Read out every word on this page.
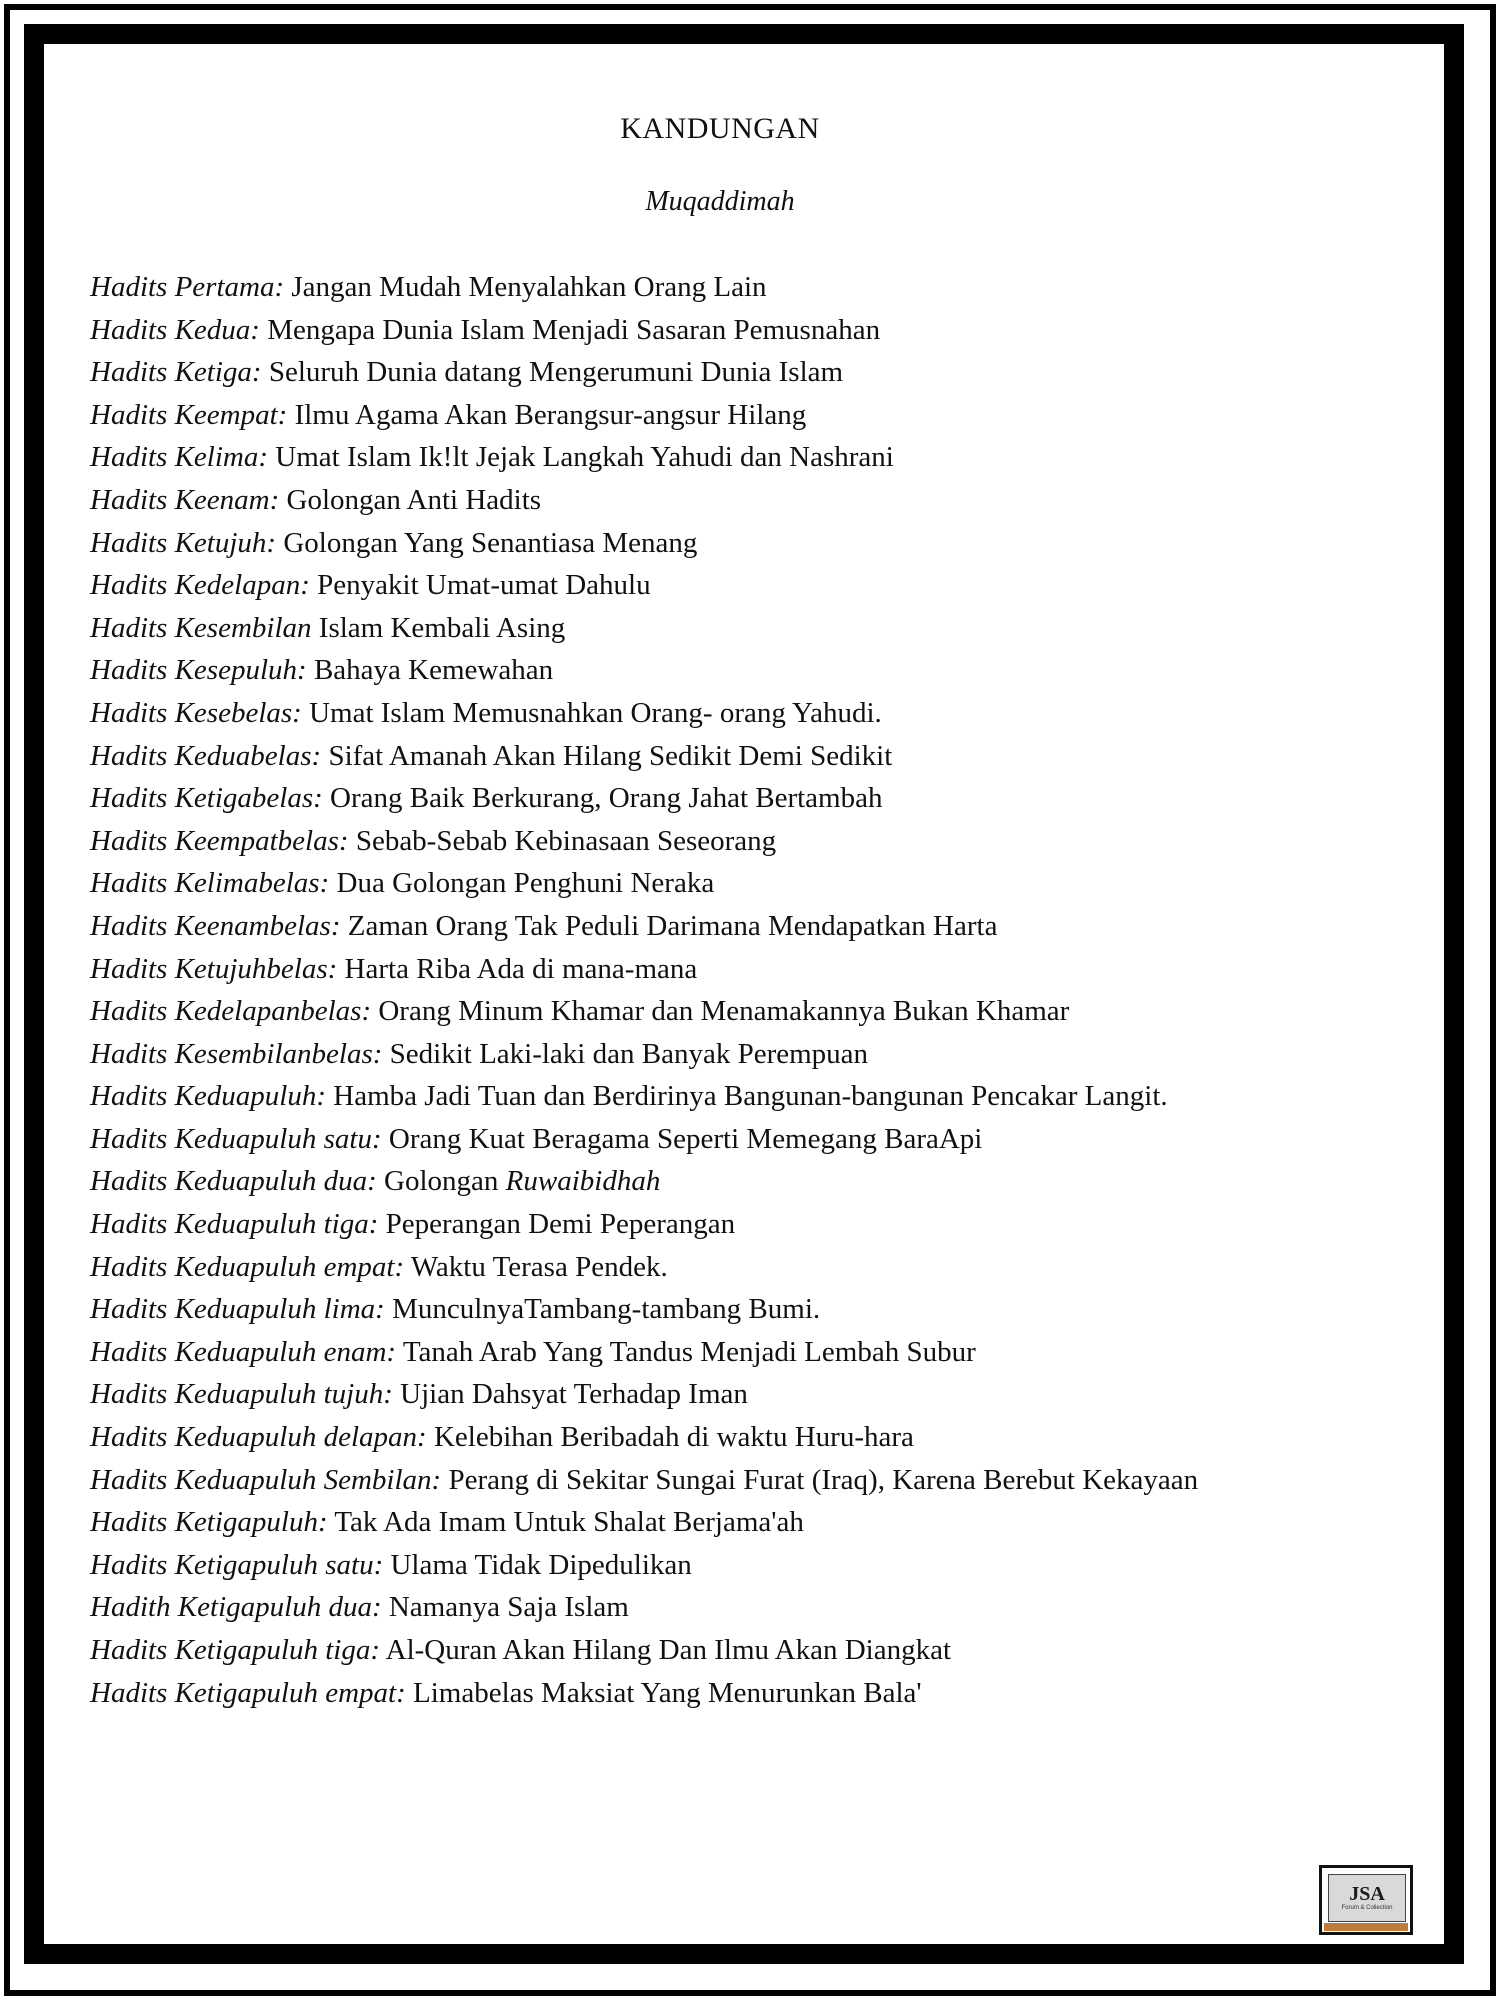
KANDUNGAN
Muqaddimah
Hadits Pertama: Jangan Mudah Menyalahkan Orang Lain
Hadits Kedua: Mengapa Dunia Islam Menjadi Sasaran Pemusnahan
Hadits Ketiga: Seluruh Dunia datang Mengerumuni Dunia Islam
Hadits Keempat: Ilmu Agama Akan Berangsur-angsur Hilang
Hadits Kelima: Umat Islam Ik!lt Jejak Langkah Yahudi dan Nashrani
Hadits Keenam: Golongan Anti Hadits
Hadits Ketujuh: Golongan Yang Senantiasa Menang
Hadits Kedelapan: Penyakit Umat-umat Dahulu
Hadits Kesembilan Islam Kembali Asing
Hadits Kesepuluh: Bahaya Kemewahan
Hadits Kesebelas: Umat Islam Memusnahkan Orang- orang Yahudi.
Hadits Keduabelas: Sifat Amanah Akan Hilang Sedikit Demi Sedikit
Hadits Ketigabelas: Orang Baik Berkurang, Orang Jahat Bertambah
Hadits Keempatbelas: Sebab-Sebab Kebinasaan Seseorang
Hadits Kelimabelas: Dua Golongan Penghuni Neraka
Hadits Keenambelas: Zaman Orang Tak Peduli Darimana Mendapatkan Harta
Hadits Ketujuhbelas: Harta Riba Ada di mana-mana
Hadits Kedelapanbelas: Orang Minum Khamar dan Menamakannya Bukan Khamar
Hadits Kesembilanbelas: Sedikit Laki-laki dan Banyak Perempuan
Hadits Keduapuluh: Hamba Jadi Tuan dan Berdirinya Bangunan-bangunan Pencakar Langit.
Hadits Keduapuluh satu: Orang Kuat Beragama Seperti Memegang BaraApi
Hadits Keduapuluh dua: Golongan Ruwaibidhah
Hadits Keduapuluh tiga: Peperangan Demi Peperangan
Hadits Keduapuluh empat: Waktu Terasa Pendek.
Hadits Keduapuluh lima: MunculnyaTambang-tambang Bumi.
Hadits Keduapuluh enam: Tanah Arab Yang Tandus Menjadi Lembah Subur
Hadits Keduapuluh tujuh: Ujian Dahsyat Terhadap Iman
Hadits Keduapuluh delapan: Kelebihan Beribadah di waktu Huru-hara
Hadits Keduapuluh Sembilan: Perang di Sekitar Sungai Furat (Iraq), Karena Berebut Kekayaan
Hadits Ketigapuluh: Tak Ada Imam Untuk Shalat Berjama'ah
Hadits Ketigapuluh satu: Ulama Tidak Dipedulikan
Hadith Ketigapuluh dua: Namanya Saja Islam
Hadits Ketigapuluh tiga: Al-Quran Akan Hilang Dan Ilmu Akan Diangkat
Hadits Ketigapuluh empat: Limabelas Maksiat Yang Menurunkan Bala'
JSA
Forum & Collection
